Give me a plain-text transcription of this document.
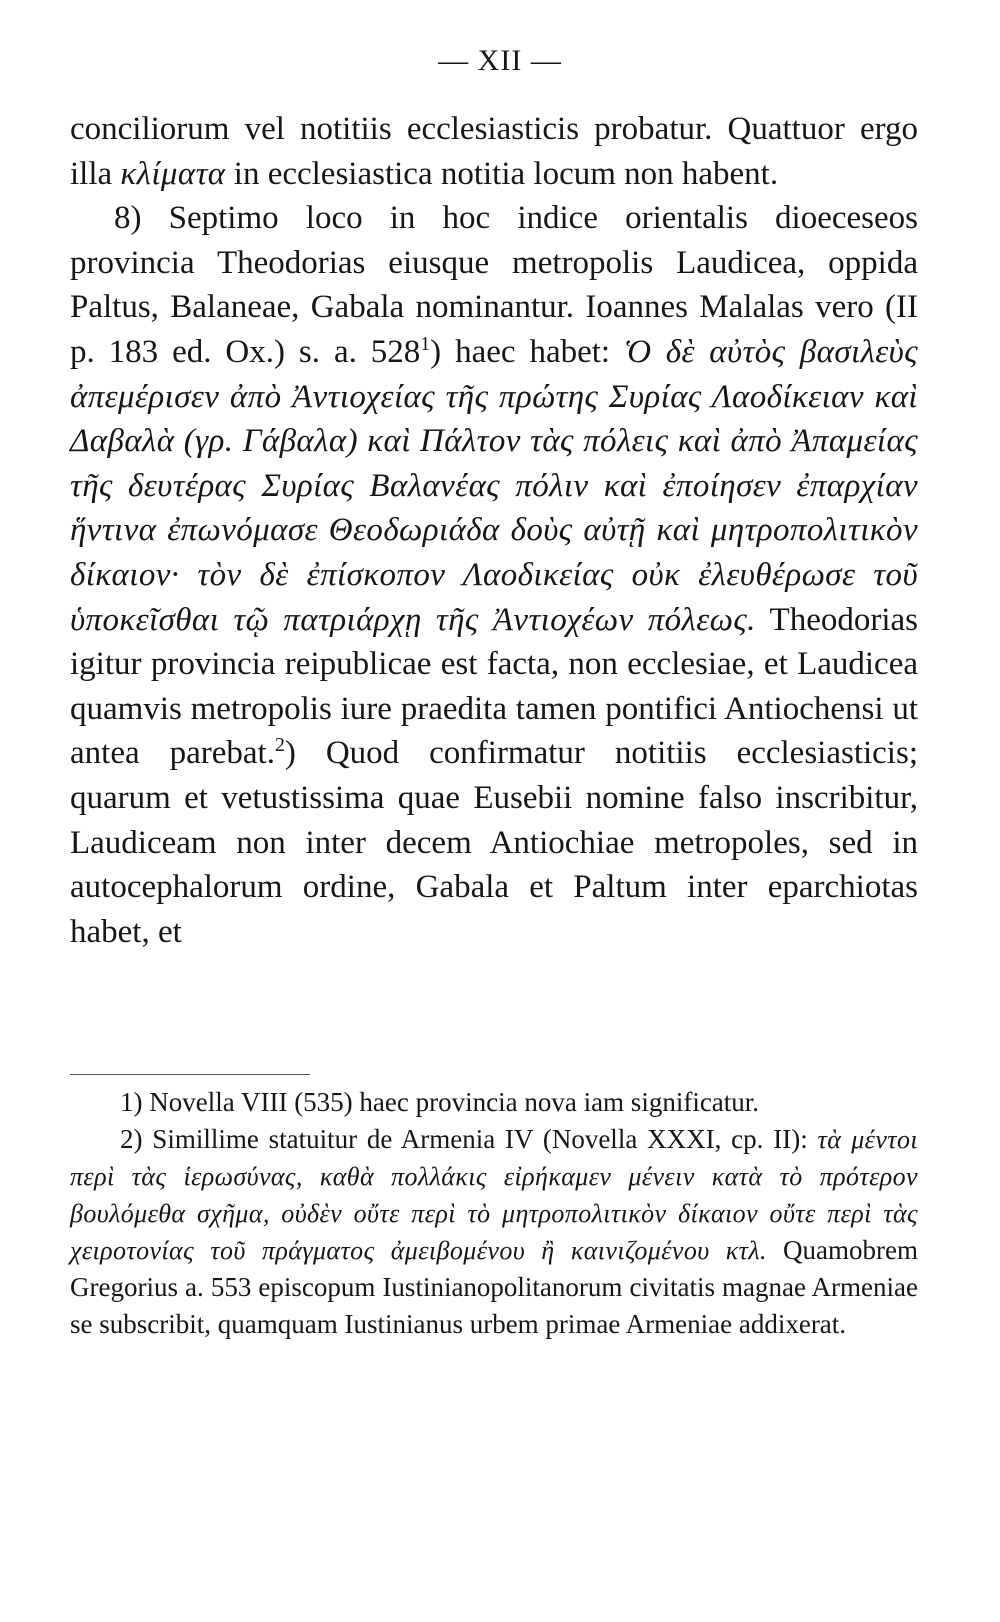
— XII —

conciliorum vel notitiis ecclesiasticis probatur. Quattuor ergo illa κλίματα in ecclesiastica notitia locum non habent.

8) Septimo loco in hoc indice orientalis dioeceseos provincia Theodorias eiusque metropolis Laudicea, oppida Paltus, Balaneae, Gabala nominantur. Ioannes Malalas vero (II p. 183 ed. Ox.) s. a. $528^1$) haec habet: Ὁ δὲ αὐτὸς βασιλεὺς ἀπεμέρισεν ἀπὸ Ἀντιοχείας τῆς πρώτης Συρίας Λαοδίκειαν καὶ Δαβαλὰ (γρ. Γάβαλα) καὶ Πάλτον τὰς πόλεις καὶ ἀπὸ Ἀπαμείας τῆς δευτέρας Συρίας Βαλανέας πόλιν καὶ ἐποίησεν ἐπαρχίαν ἥντινα ἐπωνόμασε Θεοδωριάδα δοὺς αὐτῇ καὶ μητροπολιτικὸν δίκαιον· τὸν δὲ ἐπίσκοπον Λαοδικείας οὐκ ἐλευθέρωσε τοῦ ὑποκεῖσθαι τῷ πατριάρχῃ τῆς Ἀντιοχέων πόλεως. Theodorias igitur provincia reipublicae est facta, non ecclesiae, et Laudicea quamvis metropolis iure praedita tamen pontifici Antiochensi ut antea parebat.$^2$) Quod confirmatur notitiis ecclesiasticis; quarum et vetustissima quae Eusebii nomine falso inscribitur, Laudiceam non inter decem Antiochiae metropoles, sed in autocephalorum ordine, Gabala et Paltum inter eparchiotas habet, et

1) Novella VIII (535) haec provincia nova iam significatur.

2) Simillime statuitur de Armenia IV (Novella XXXI, cp. II): τὰ μέντοι περὶ τὰς ἱερωσύνας, καθὰ πολλάκις εἰρήκαμεν μένειν κατὰ τὸ πρότερον βουλόμεθα σχῆμα, οὐδὲν οὔτε περὶ τὸ μητροπολιτικὸν δίκαιον οὔτε περὶ τὰς χειροτονίας τοῦ πράγματος ἀμειβομένου ἢ καινιζομένου κτλ. Quamobrem Gregorius a. 553 episcopum Iustinianopolitanorum civitatis magnae Armeniae se subscribit, quamquam Iustinianus urbem primae Armeniae addixerat.
